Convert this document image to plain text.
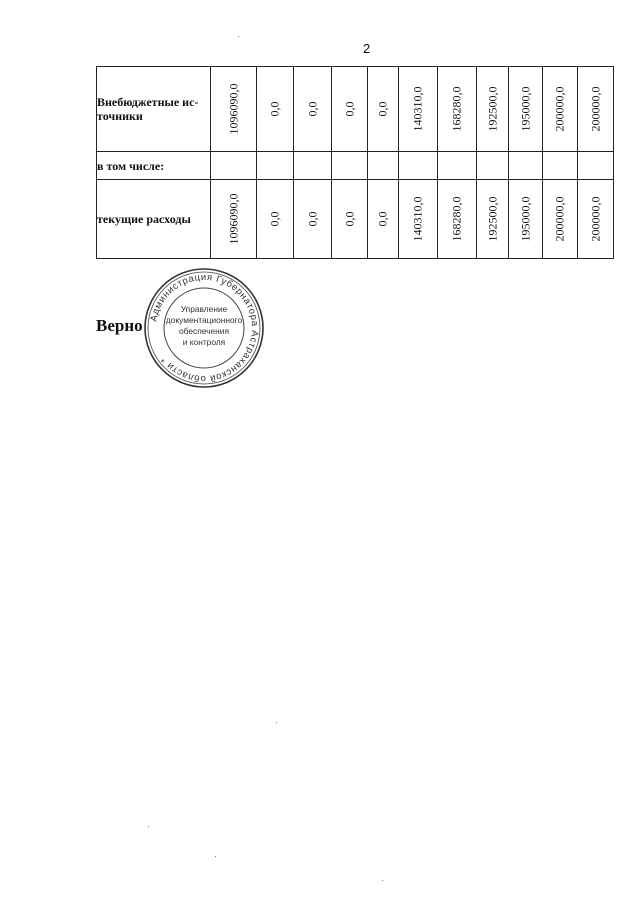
2
Внебюджетные ис-
точники	1096090,0	0,0	0,0	0,0	0,0	140310,0	168280,0	192500,0	195000,0	200000,0	200000,0

в том числе:											
текущие расходы	1096090,0	0,0	0,0	0,0	0,0	140310,0	168280,0	192500,0	195000,0	200000,0	200000,0
Верно Администрация Губернатора Астраханской области *
Управление
документационного
обеспечения
и контроля
